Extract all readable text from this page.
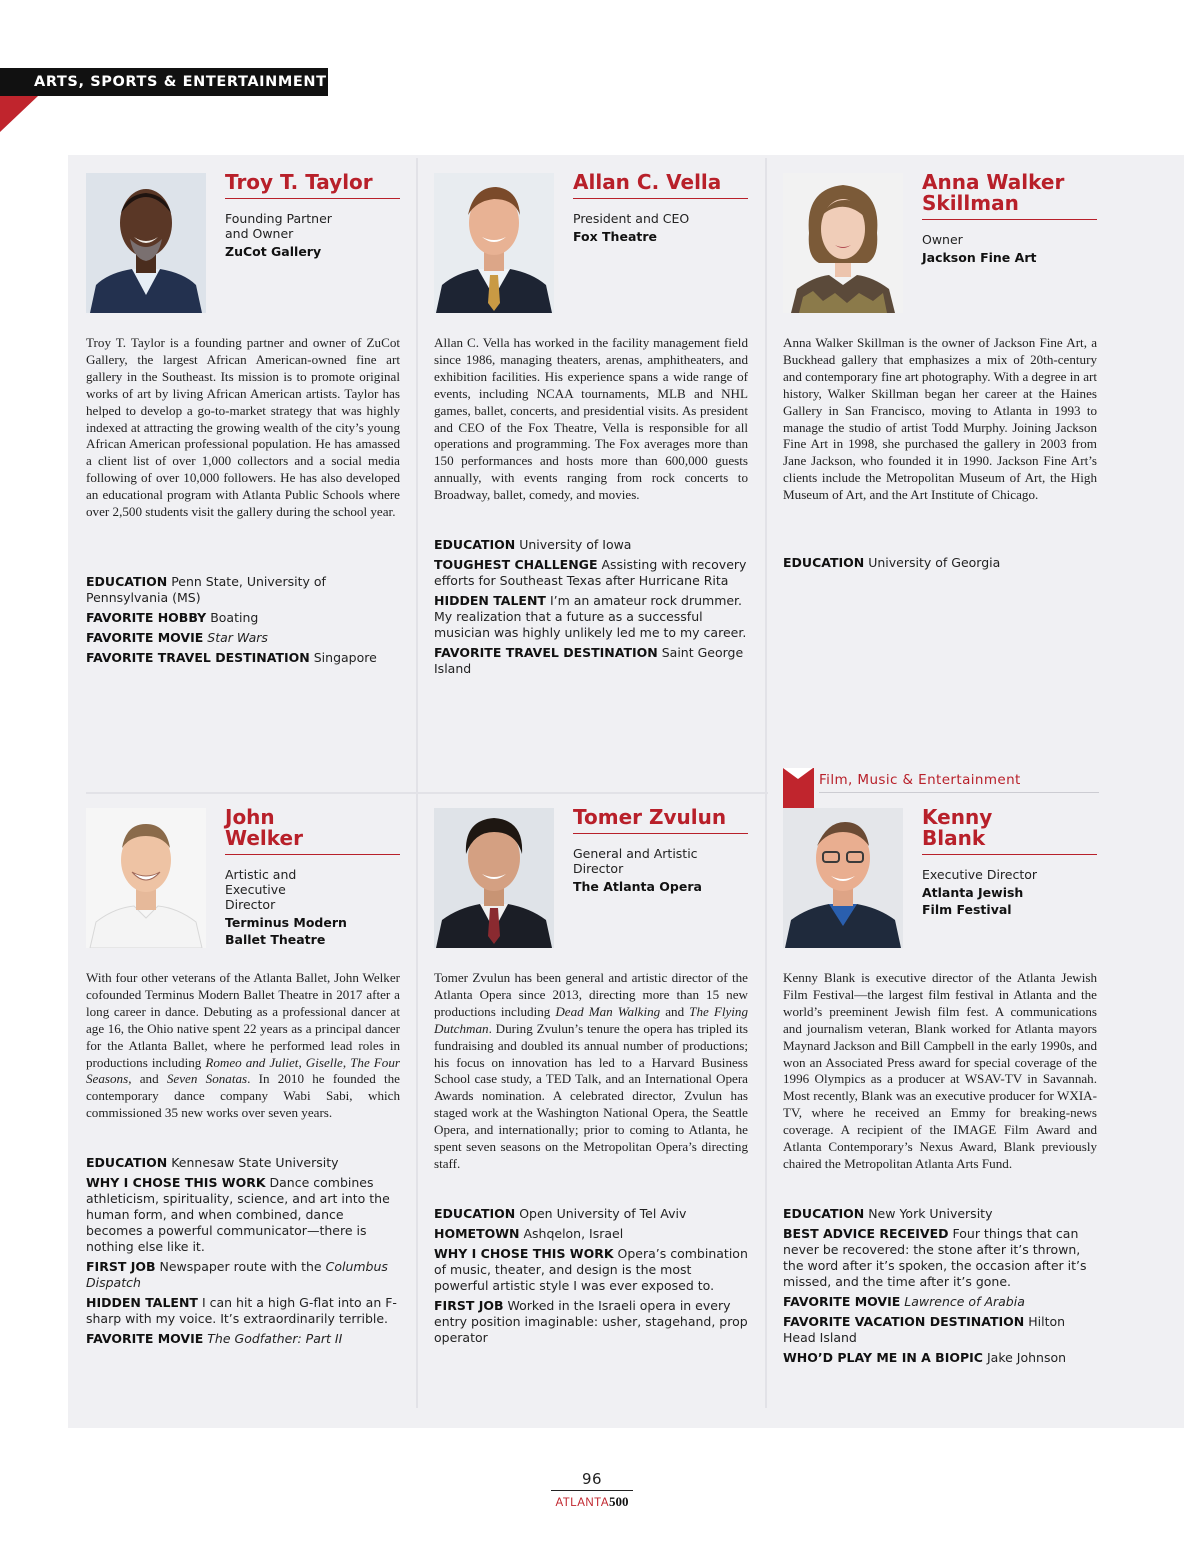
ARTS, SPORTS & ENTERTAINMENT
Film, Music & Entertainment
Troy T. Taylor
Founding Partner and Owner
ZuCot Gallery
Troy T. Taylor is a founding partner and owner of ZuCot Gallery, the largest African American-owned fine art gallery in the Southeast. Its mission is to promote original works of art by living African American artists. Taylor has helped to develop a go-to-market strategy that was highly indexed at attracting the growing wealth of the city’s young African American professional population. He has amassed a client list of over 1,000 collectors and a social media following of over 10,000 followers. He has also developed an educational program with Atlanta Public Schools where over 2,500 students visit the gallery during the school year.
EDUCATION Penn State, University of Pennsylvania (MS)
FAVORITE HOBBY Boating
FAVORITE MOVIE Star Wars
FAVORITE TRAVEL DESTINATION Singapore
Allan C. Vella
President and CEO
Fox Theatre
Allan C. Vella has worked in the facility management field since 1986, managing theaters, arenas, amphitheaters, and exhibition facilities. His experience spans a wide range of events, including NCAA tournaments, MLB and NHL games, ballet, concerts, and presidential visits. As president and CEO of the Fox Theatre, Vella is responsible for all operations and programming. The Fox averages more than 150 performances and hosts more than 600,000 guests annually, with events ranging from rock concerts to Broadway, ballet, comedy, and movies.
EDUCATION University of Iowa
TOUGHEST CHALLENGE Assisting with recovery efforts for Southeast Texas after Hurricane Rita
HIDDEN TALENT I’m an amateur rock drummer. My realization that a future as a successful musician was highly unlikely led me to my career.
FAVORITE TRAVEL DESTINATION Saint George Island
Anna Walker Skillman
Owner
Jackson Fine Art
Anna Walker Skillman is the owner of Jackson Fine Art, a Buckhead gallery that emphasizes a mix of 20th-century and contemporary fine art photography. With a degree in art history, Walker Skillman began her career at the Haines Gallery in San Francisco, moving to Atlanta in 1993 to manage the studio of artist Todd Murphy. Joining Jackson Fine Art in 1998, she purchased the gallery in 2003 from Jane Jackson, who founded it in 1990. Jackson Fine Art’s clients include the Metropolitan Museum of Art, the High Museum of Art, and the Art Institute of Chicago.
EDUCATION University of Georgia
John Welker
Artistic and Executive Director
Terminus Modern Ballet Theatre
With four other veterans of the Atlanta Ballet, John Welker cofounded Terminus Modern Ballet Theatre in 2017 after a long career in dance. Debuting as a professional dancer at age 16, the Ohio native spent 22 years as a principal dancer for the Atlanta Ballet, where he performed lead roles in productions including Romeo and Juliet, Giselle, The Four Seasons, and Seven Sonatas. In 2010 he founded the contemporary dance company Wabi Sabi, which commissioned 35 new works over seven years.
EDUCATION Kennesaw State University
WHY I CHOSE THIS WORK Dance combines athleticism, spirituality, science, and art into the human form, and when combined, dance becomes a powerful communicator—there is nothing else like it.
FIRST JOB Newspaper route with the Columbus Dispatch
HIDDEN TALENT I can hit a high G-flat into an F-sharp with my voice. It’s extraordinarily terrible.
FAVORITE MOVIE The Godfather: Part II
Tomer Zvulun
General and Artistic Director
The Atlanta Opera
Tomer Zvulun has been general and artistic director of the Atlanta Opera since 2013, directing more than 15 new productions including Dead Man Walking and The Flying Dutchman. During Zvulun’s tenure the opera has tripled its fundraising and doubled its annual number of productions; his focus on innovation has led to a Harvard Business School case study, a TED Talk, and an International Opera Awards nomination. A celebrated director, Zvulun has staged work at the Washington National Opera, the Seattle Opera, and internationally; prior to coming to Atlanta, he spent seven seasons on the Metropolitan Opera’s directing staff.
EDUCATION Open University of Tel Aviv
HOMETOWN Ashqelon, Israel
WHY I CHOSE THIS WORK Opera’s combination of music, theater, and design is the most powerful artistic style I was ever exposed to.
FIRST JOB Worked in the Israeli opera in every entry position imaginable: usher, stagehand, prop operator
Kenny Blank
Executive Director
Atlanta Jewish Film Festival
Kenny Blank is executive director of the Atlanta Jewish Film Festival—the largest film festival in Atlanta and the world’s preeminent Jewish film fest. A communications and journalism veteran, Blank worked for Atlanta mayors Maynard Jackson and Bill Campbell in the early 1990s, and won an Associated Press award for special coverage of the 1996 Olympics as a producer at WSAV-TV in Savannah. Most recently, Blank was an executive producer for WXIA-TV, where he received an Emmy for breaking-news coverage. A recipient of the IMAGE Film Award and Atlanta Contemporary’s Nexus Award, Blank previously chaired the Metropolitan Atlanta Arts Fund.
EDUCATION New York University
BEST ADVICE RECEIVED Four things that can never be recovered: the stone after it’s thrown, the word after it’s spoken, the occasion after it’s missed, and the time after it’s gone.
FAVORITE MOVIE Lawrence of Arabia
FAVORITE VACATION DESTINATION Hilton Head Island
WHO’D PLAY ME IN A BIOPIC Jake Johnson
96
ATLANTA500
